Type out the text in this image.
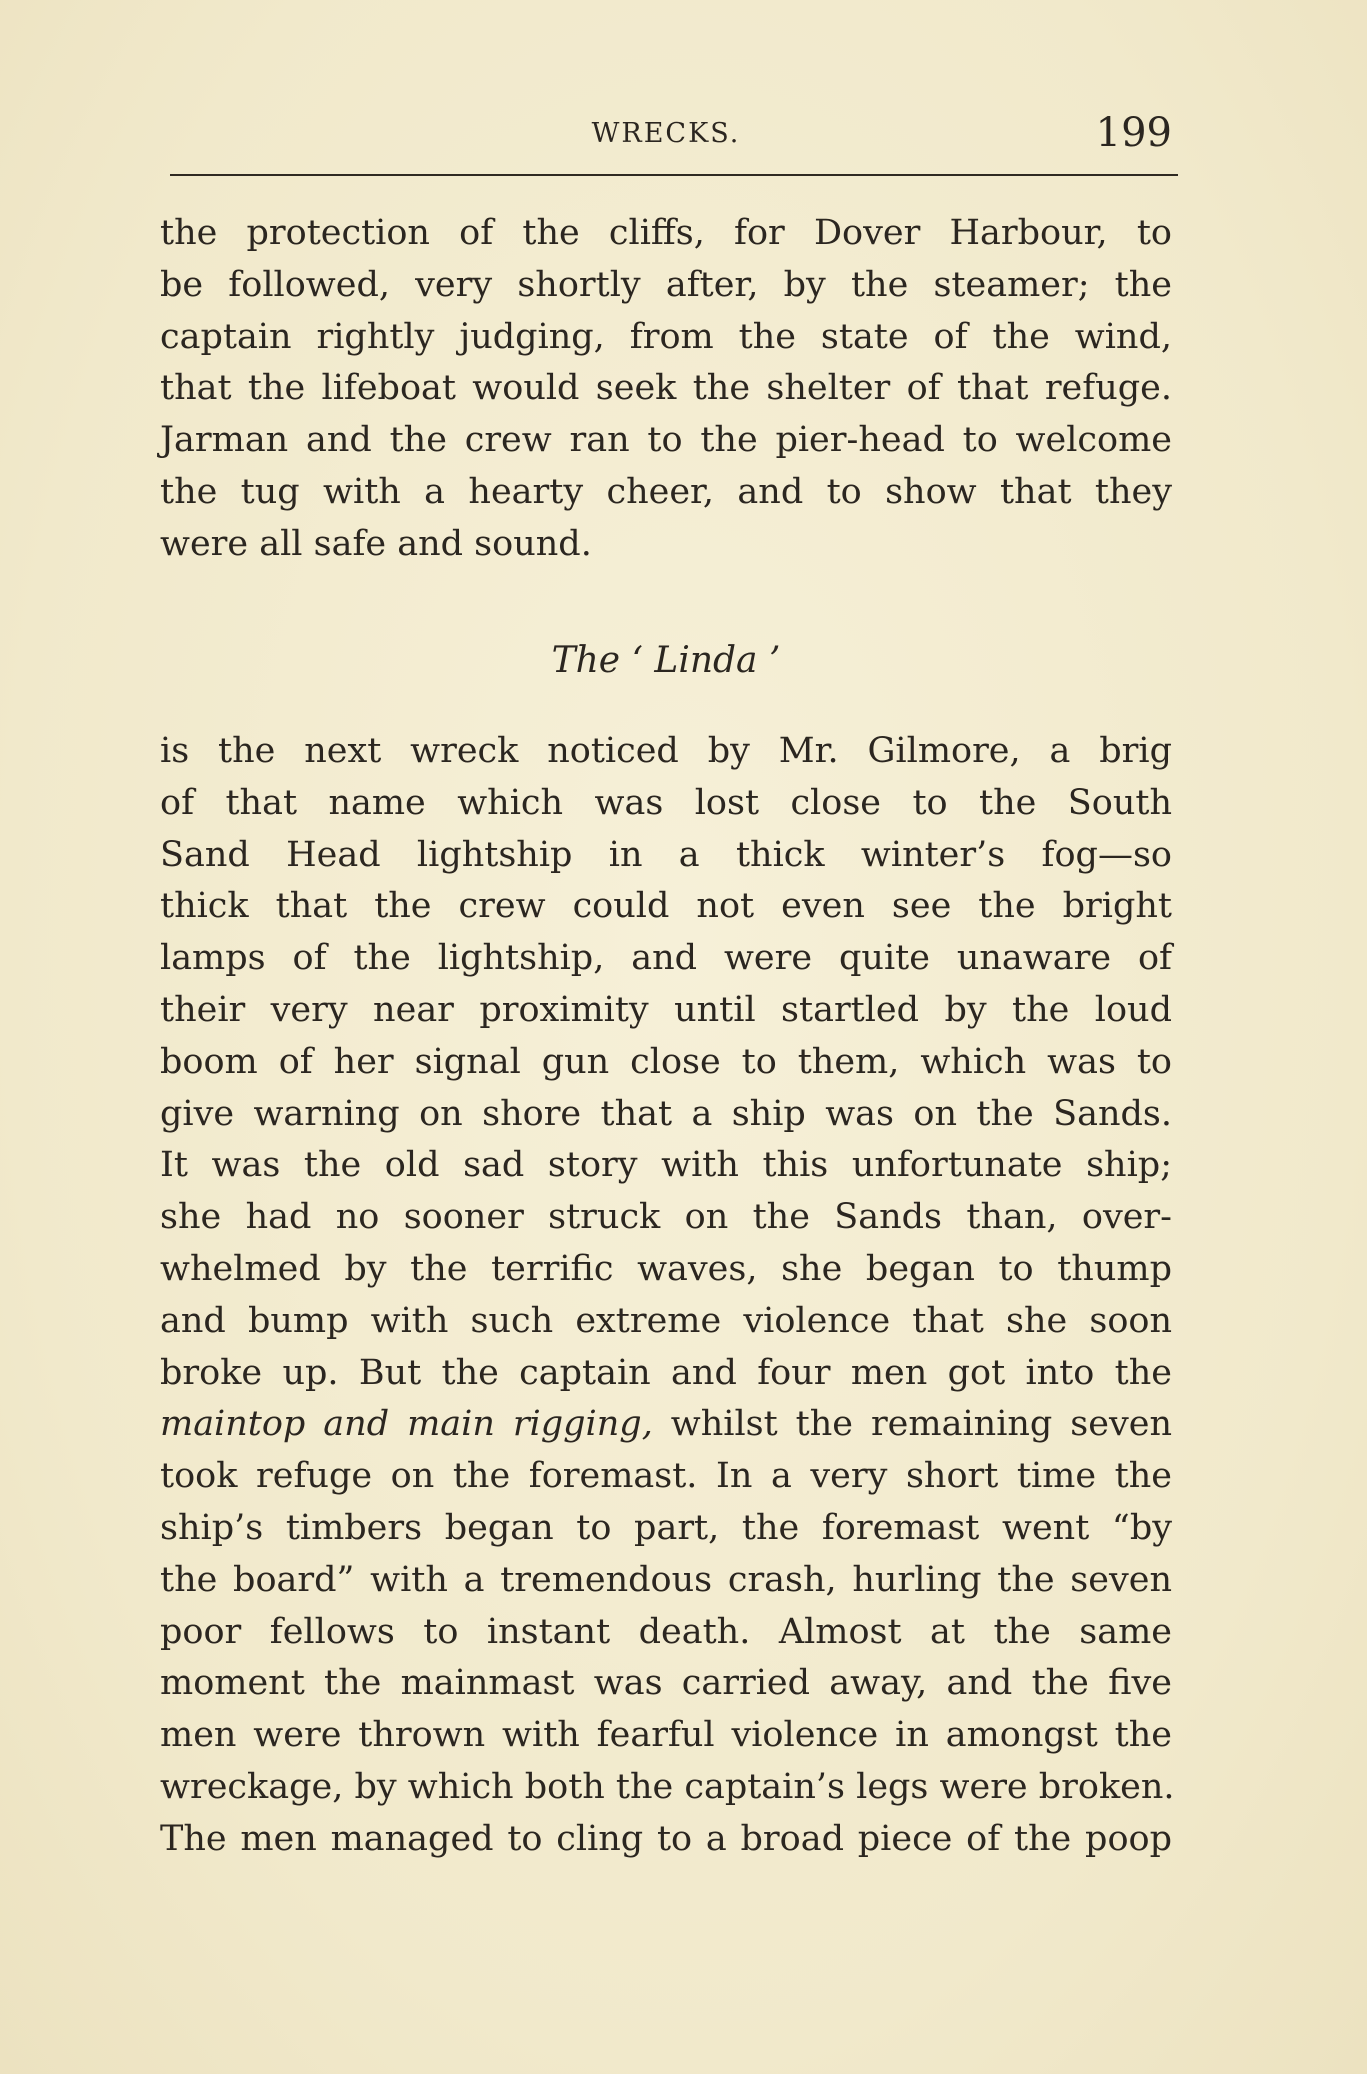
WRECKS.	199
the protection of the cliffs, for Dover Harbour, to
be followed, very shortly after, by the steamer; the
captain rightly judging, from the state of the wind,
that the lifeboat would seek the shelter of that refuge.
Jarman and the crew ran to the pier-head to welcome
the tug with a hearty cheer, and to show that they
were all safe and sound.
The ‘ Linda ’
is the next wreck noticed by Mr. Gilmore, a brig
of that name which was lost close to the South
Sand Head lightship in a thick winter’s fog—so
thick that the crew could not even see the bright
lamps of the lightship, and were quite unaware of
their very near proximity until startled by the loud
boom of her signal gun close to them, which was to
give warning on shore that a ship was on the Sands.
It was the old sad story with this unfortunate ship;
she had no sooner struck on the Sands than, over-
whelmed by the terrific waves, she began to thump
and bump with such extreme violence that she soon
broke up. But the captain and four men got into the
maintop and main rigging, whilst the remaining seven
took refuge on the foremast. In a very short time the
ship’s timbers began to part, the foremast went “by
the board” with a tremendous crash, hurling the seven
poor fellows to instant death. Almost at the same
moment the mainmast was carried away, and the five
men were thrown with fearful violence in amongst the
wreckage, by which both the captain’s legs were broken.
The men managed to cling to a broad piece of the poop
